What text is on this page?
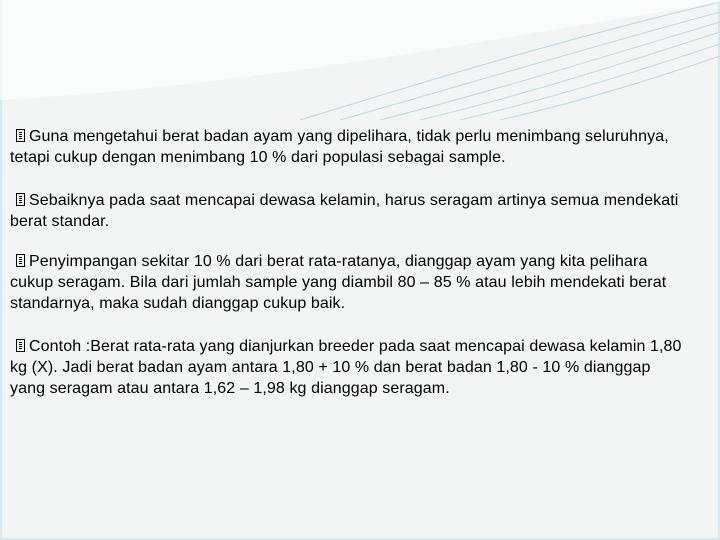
Guna mengetahui berat badan ayam yang dipelihara, tidak perlu menimbang seluruhnya, tetapi cukup dengan menimbang 10 % dari populasi sebagai sample.

Sebaiknya pada saat mencapai dewasa kelamin, harus seragam artinya semua mendekati berat standar.

Penyimpangan sekitar 10 % dari berat rata-ratanya, dianggap ayam yang kita pelihara cukup seragam. Bila dari jumlah sample yang diambil 80 – 85 % atau lebih mendekati berat standarnya, maka sudah dianggap cukup baik.

Contoh :Berat rata-rata yang dianjurkan breeder pada saat mencapai dewasa kelamin 1,80 kg (X). Jadi berat badan ayam antara 1,80 + 10 % dan berat badan 1,80 - 10 % dianggap yang seragam atau antara 1,62 – 1,98 kg dianggap seragam.
